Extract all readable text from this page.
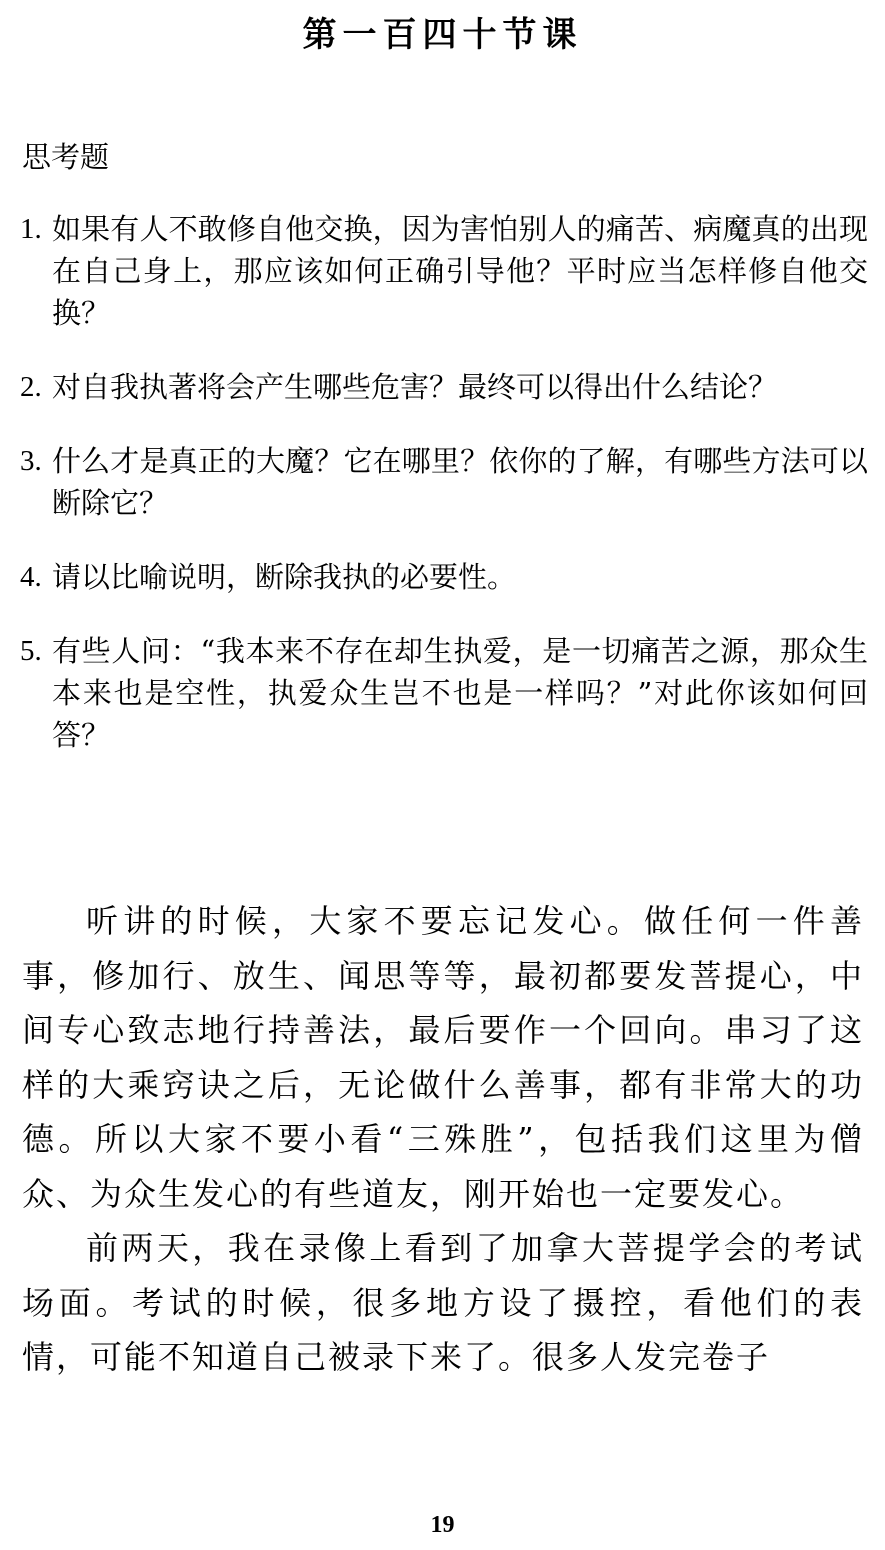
第一百四十节课
思考题
1. 如果有人不敢修自他交换，因为害怕别人的痛苦、病魔真的出现在自己身上，那应该如何正确引导他？平时应当怎样修自他交换？
2. 对自我执著将会产生哪些危害？最终可以得出什么结论？
3. 什么才是真正的大魔？它在哪里？依你的了解，有哪些方法可以断除它？
4. 请以比喻说明，断除我执的必要性。
5. 有些人问：“我本来不存在却生执爱，是一切痛苦之源，那众生本来也是空性，执爱众生岂不也是一样吗？”对此你该如何回答？

听讲的时候，大家不要忘记发心。做任何一件善事，修加行、放生、闻思等等，最初都要发菩提心，中间专心致志地行持善法，最后要作一个回向。串习了这样的大乘窍诀之后，无论做什么善事，都有非常大的功德。所以大家不要小看“三殊胜”，包括我们这里为僧众、为众生发心的有些道友，刚开始也一定要发心。

前两天，我在录像上看到了加拿大菩提学会的考试场面。考试的时候，很多地方设了摄控，看他们的表情，可能不知道自己被录下来了。很多人发完卷子

19
